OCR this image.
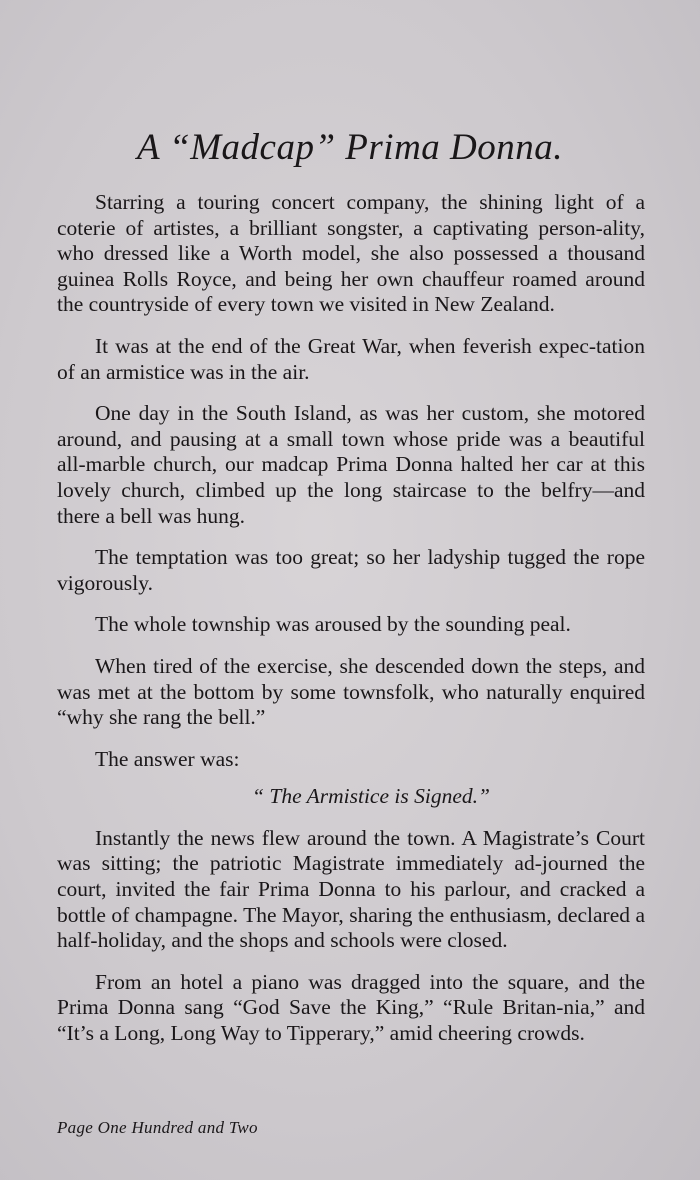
A “Madcap” Prima Donna.

Starring a touring concert company, the shining light of a coterie of artistes, a brilliant songster, a captivating person-ality, who dressed like a Worth model, she also possessed a thousand guinea Rolls Royce, and being her own chauffeur roamed around the countryside of every town we visited in New Zealand.

It was at the end of the Great War, when feverish expec-tation of an armistice was in the air.

One day in the South Island, as was her custom, she motored around, and pausing at a small town whose pride was a beautiful all-marble church, our madcap Prima Donna halted her car at this lovely church, climbed up the long staircase to the belfry—and there a bell was hung.

The temptation was too great; so her ladyship tugged the rope vigorously.

The whole township was aroused by the sounding peal.

When tired of the exercise, she descended down the steps, and was met at the bottom by some townsfolk, who naturally enquired “why she rang the bell.”

The answer was:

“ The Armistice is Signed.”

Instantly the news flew around the town. A Magistrate’s Court was sitting; the patriotic Magistrate immediately ad-journed the court, invited the fair Prima Donna to his parlour, and cracked a bottle of champagne. The Mayor, sharing the enthusiasm, declared a half-holiday, and the shops and schools were closed.

From an hotel a piano was dragged into the square, and the Prima Donna sang “God Save the King,” “Rule Britan-nia,” and “It’s a Long, Long Way to Tipperary,” amid cheering crowds.

Page One Hundred and Two
